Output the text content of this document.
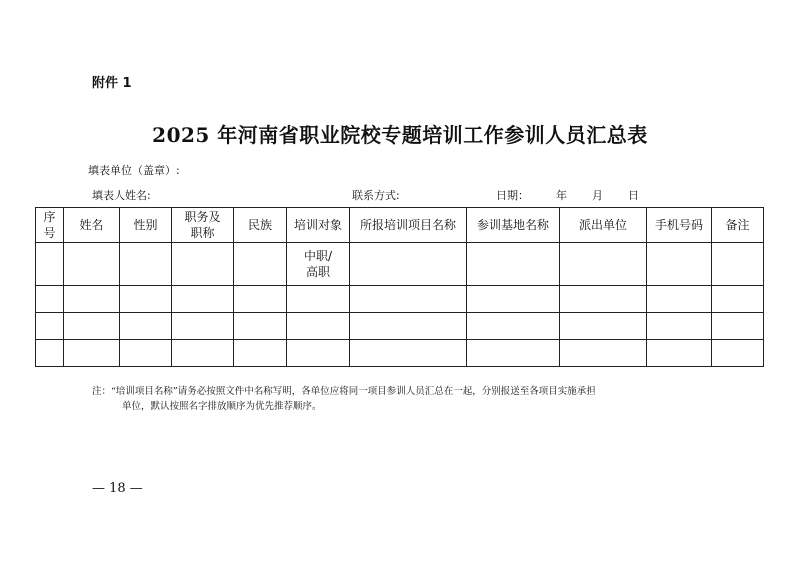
附件 1
2025 年河南省职业院校专题培训工作参训人员汇总表
填表单位（盖章）:
填表人姓名:	联系方式:	日期： 年 月 日
序号	姓名	性别	职务及职称	民族	培训对象	所报培训项目名称	参训基地名称	派出单位	手机号码	备注
					中职/高职					

注：“培训项目名称”请务必按照文件中名称写明，各单位应将同一项目参训人员汇总在一起，分别报送至各项目实施承担
单位，默认按照名字排放顺序为优先推荐顺序。
— 18 —
